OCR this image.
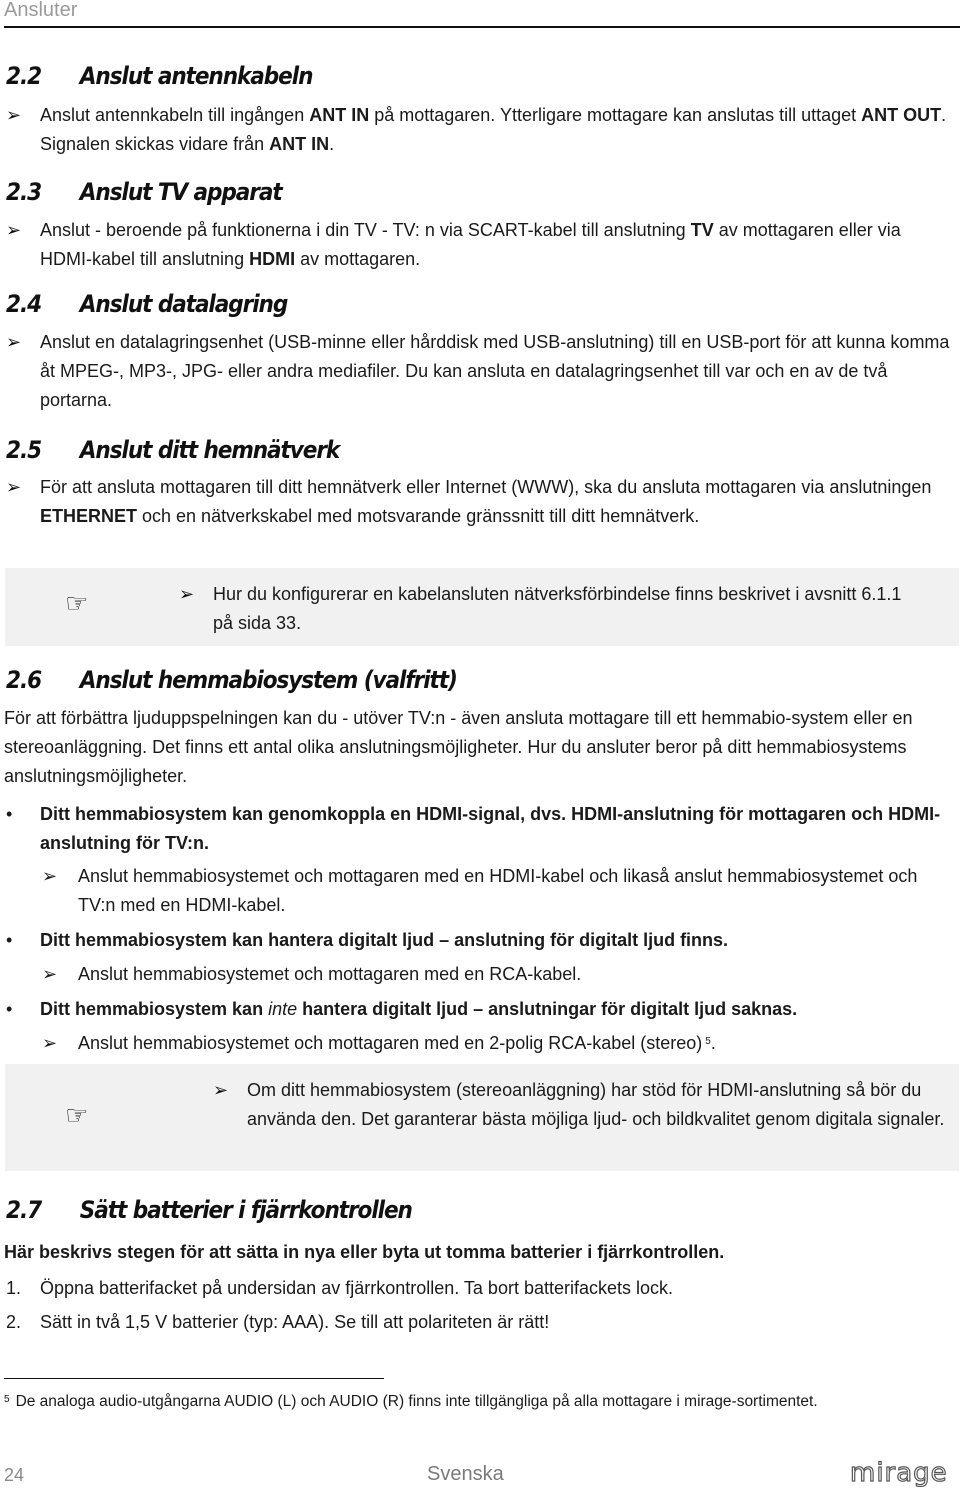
Ansluter
2.2	Anslut antennkabeln
➢ Anslut antennkabeln till ingången ANT IN på mottagaren. Ytterligare mottagare kan anslutas till uttaget ANT OUT. Signalen skickas vidare från ANT IN.
2.3	Anslut TV apparat
➢ Anslut - beroende på funktionerna i din TV - TV: n via SCART-kabel till anslutning TV av mottagaren eller via HDMI-kabel till anslutning HDMI av mottagaren.
2.4	Anslut datalagring
➢ Anslut en datalagringsenhet (USB-minne eller hårddisk med USB-anslutning) till en USB-port för att kunna komma åt MPEG-, MP3-, JPG- eller andra mediafiler. Du kan ansluta en datalagringsenhet till var och en av de två portarna.
2.5	Anslut ditt hemnätverk
➢ För att ansluta mottagaren till ditt hemnätverk eller Internet (WWW), ska du ansluta mottagaren via anslutningen ETHERNET och en nätverkskabel med motsvarande gränssnitt till ditt hemnätverk.
☞	➢ Hur du konfigurerar en kabelansluten nätverksförbindelse finns beskrivet i avsnitt 6.1.1 på sida 33.
2.6	Anslut hemmabiosystem (valfritt)
För att förbättra ljuduppspelningen kan du - utöver TV:n - även ansluta mottagare till ett hemmabio-system eller en stereoanläggning. Det finns ett antal olika anslutningsmöjligheter. Hur du ansluter beror på ditt hemmabiosystems anslutningsmöjligheter.
• Ditt hemmabiosystem kan genomkoppla en HDMI-signal, dvs. HDMI-anslutning för mottagaren och HDMI-anslutning för TV:n.
➢ Anslut hemmabiosystemet och mottagaren med en HDMI-kabel och likaså anslut hemmabiosystemet och TV:n med en HDMI-kabel.
• Ditt hemmabiosystem kan hantera digitalt ljud – anslutning för digitalt ljud finns.
➢ Anslut hemmabiosystemet och mottagaren med en RCA-kabel.
• Ditt hemmabiosystem kan inte hantera digitalt ljud – anslutningar för digitalt ljud saknas.
➢ Anslut hemmabiosystemet och mottagaren med en 2-polig RCA-kabel (stereo) $^5$.
☞
➢ Om ditt hemmabiosystem (stereoanläggning) har stöd för HDMI-anslutning så bör du använda den. Det garanterar bästa möjliga ljud- och bildkvalitet genom digitala signaler.
2.7	Sätt batterier i fjärrkontrollen
Här beskrivs stegen för att sätta in nya eller byta ut tomma batterier i fjärrkontrollen.
1. Öppna batterifacket på undersidan av fjärrkontrollen. Ta bort batterifackets lock.
2. Sätt in två 1,5 V batterier (typ: AAA). Se till att polariteten är rätt!
$^5$ De analoga audio-utgångarna AUDIO (L) och AUDIO (R) finns inte tillgängliga på alla mottagare i mirage-sortimentet.
24	Svenska	mirage
